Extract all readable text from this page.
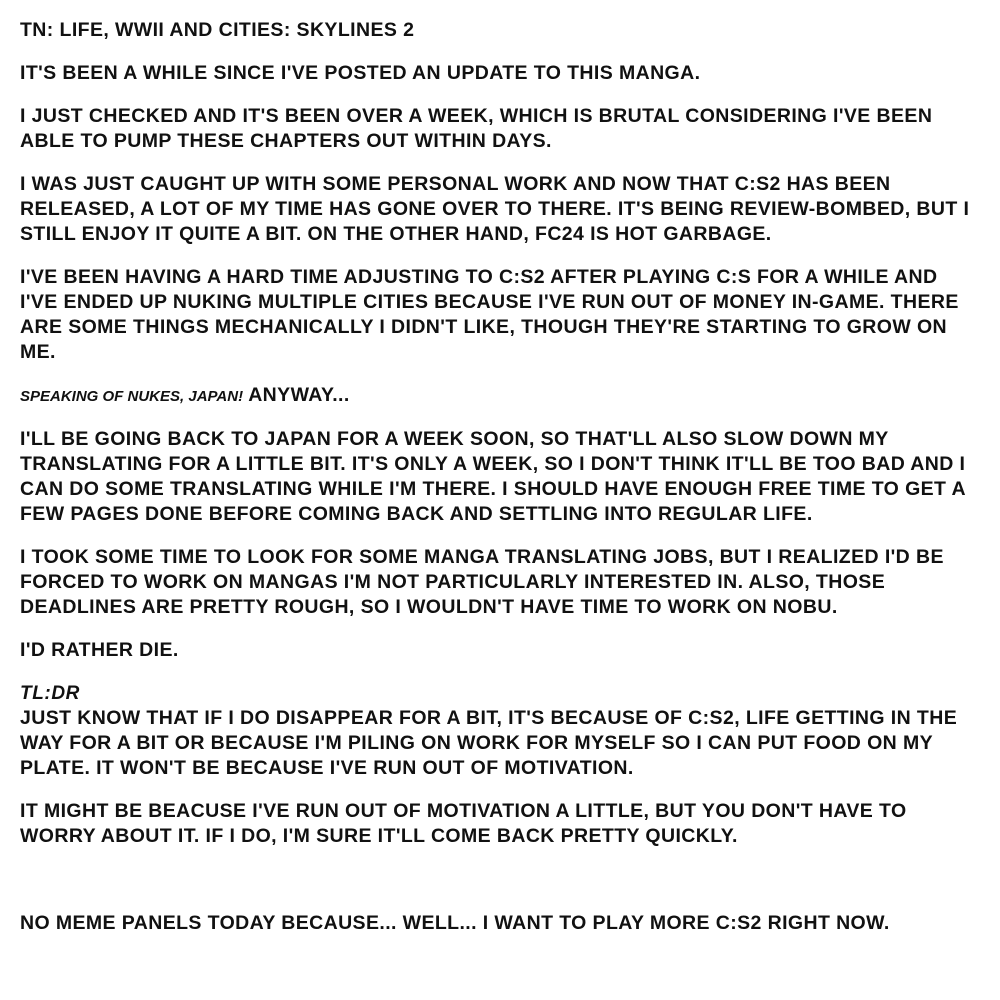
TN: LIFE, WWII AND CITIES: SKYLINES 2

IT'S BEEN A WHILE SINCE I'VE POSTED AN UPDATE TO THIS MANGA.

I JUST CHECKED AND IT'S BEEN OVER A WEEK, WHICH IS BRUTAL CONSIDERING I'VE BEEN ABLE TO PUMP THESE CHAPTERS OUT WITHIN DAYS.

I WAS JUST CAUGHT UP WITH SOME PERSONAL WORK AND NOW THAT C:S2 HAS BEEN RELEASED, A LOT OF MY TIME HAS GONE OVER TO THERE. IT'S BEING REVIEW-BOMBED, BUT I STILL ENJOY IT QUITE A BIT. ON THE OTHER HAND, FC24 IS HOT GARBAGE.

I'VE BEEN HAVING A HARD TIME ADJUSTING TO C:S2 AFTER PLAYING C:S FOR A WHILE AND I'VE ENDED UP NUKING MULTIPLE CITIES BECAUSE I'VE RUN OUT OF MONEY IN-GAME. THERE ARE SOME THINGS MECHANICALLY I DIDN'T LIKE, THOUGH THEY'RE STARTING TO GROW ON ME.

SPEAKING OF NUKES, JAPAN! ANYWAY...

I'LL BE GOING BACK TO JAPAN FOR A WEEK SOON, SO THAT'LL ALSO SLOW DOWN MY TRANSLATING FOR A LITTLE BIT. IT'S ONLY A WEEK, SO I DON'T THINK IT'LL BE TOO BAD AND I CAN DO SOME TRANSLATING WHILE I'M THERE. I SHOULD HAVE ENOUGH FREE TIME TO GET A FEW PAGES DONE BEFORE COMING BACK AND SETTLING INTO REGULAR LIFE.

I TOOK SOME TIME TO LOOK FOR SOME MANGA TRANSLATING JOBS, BUT I REALIZED I'D BE FORCED TO WORK ON MANGAS I'M NOT PARTICULARLY INTERESTED IN. ALSO, THOSE DEADLINES ARE PRETTY ROUGH, SO I WOULDN'T HAVE TIME TO WORK ON NOBU.

I'D RATHER DIE.

TL:DR

JUST KNOW THAT IF I DO DISAPPEAR FOR A BIT, IT'S BECAUSE OF C:S2, LIFE GETTING IN THE WAY FOR A BIT OR BECAUSE I'M PILING ON WORK FOR MYSELF SO I CAN PUT FOOD ON MY PLATE. IT WON'T BE BECAUSE I'VE RUN OUT OF MOTIVATION.

IT MIGHT BE BEACUSE I'VE RUN OUT OF MOTIVATION A LITTLE, BUT YOU DON'T HAVE TO WORRY ABOUT IT. IF I DO, I'M SURE IT'LL COME BACK PRETTY QUICKLY.

NO MEME PANELS TODAY BECAUSE... WELL... I WANT TO PLAY MORE C:S2 RIGHT NOW.
